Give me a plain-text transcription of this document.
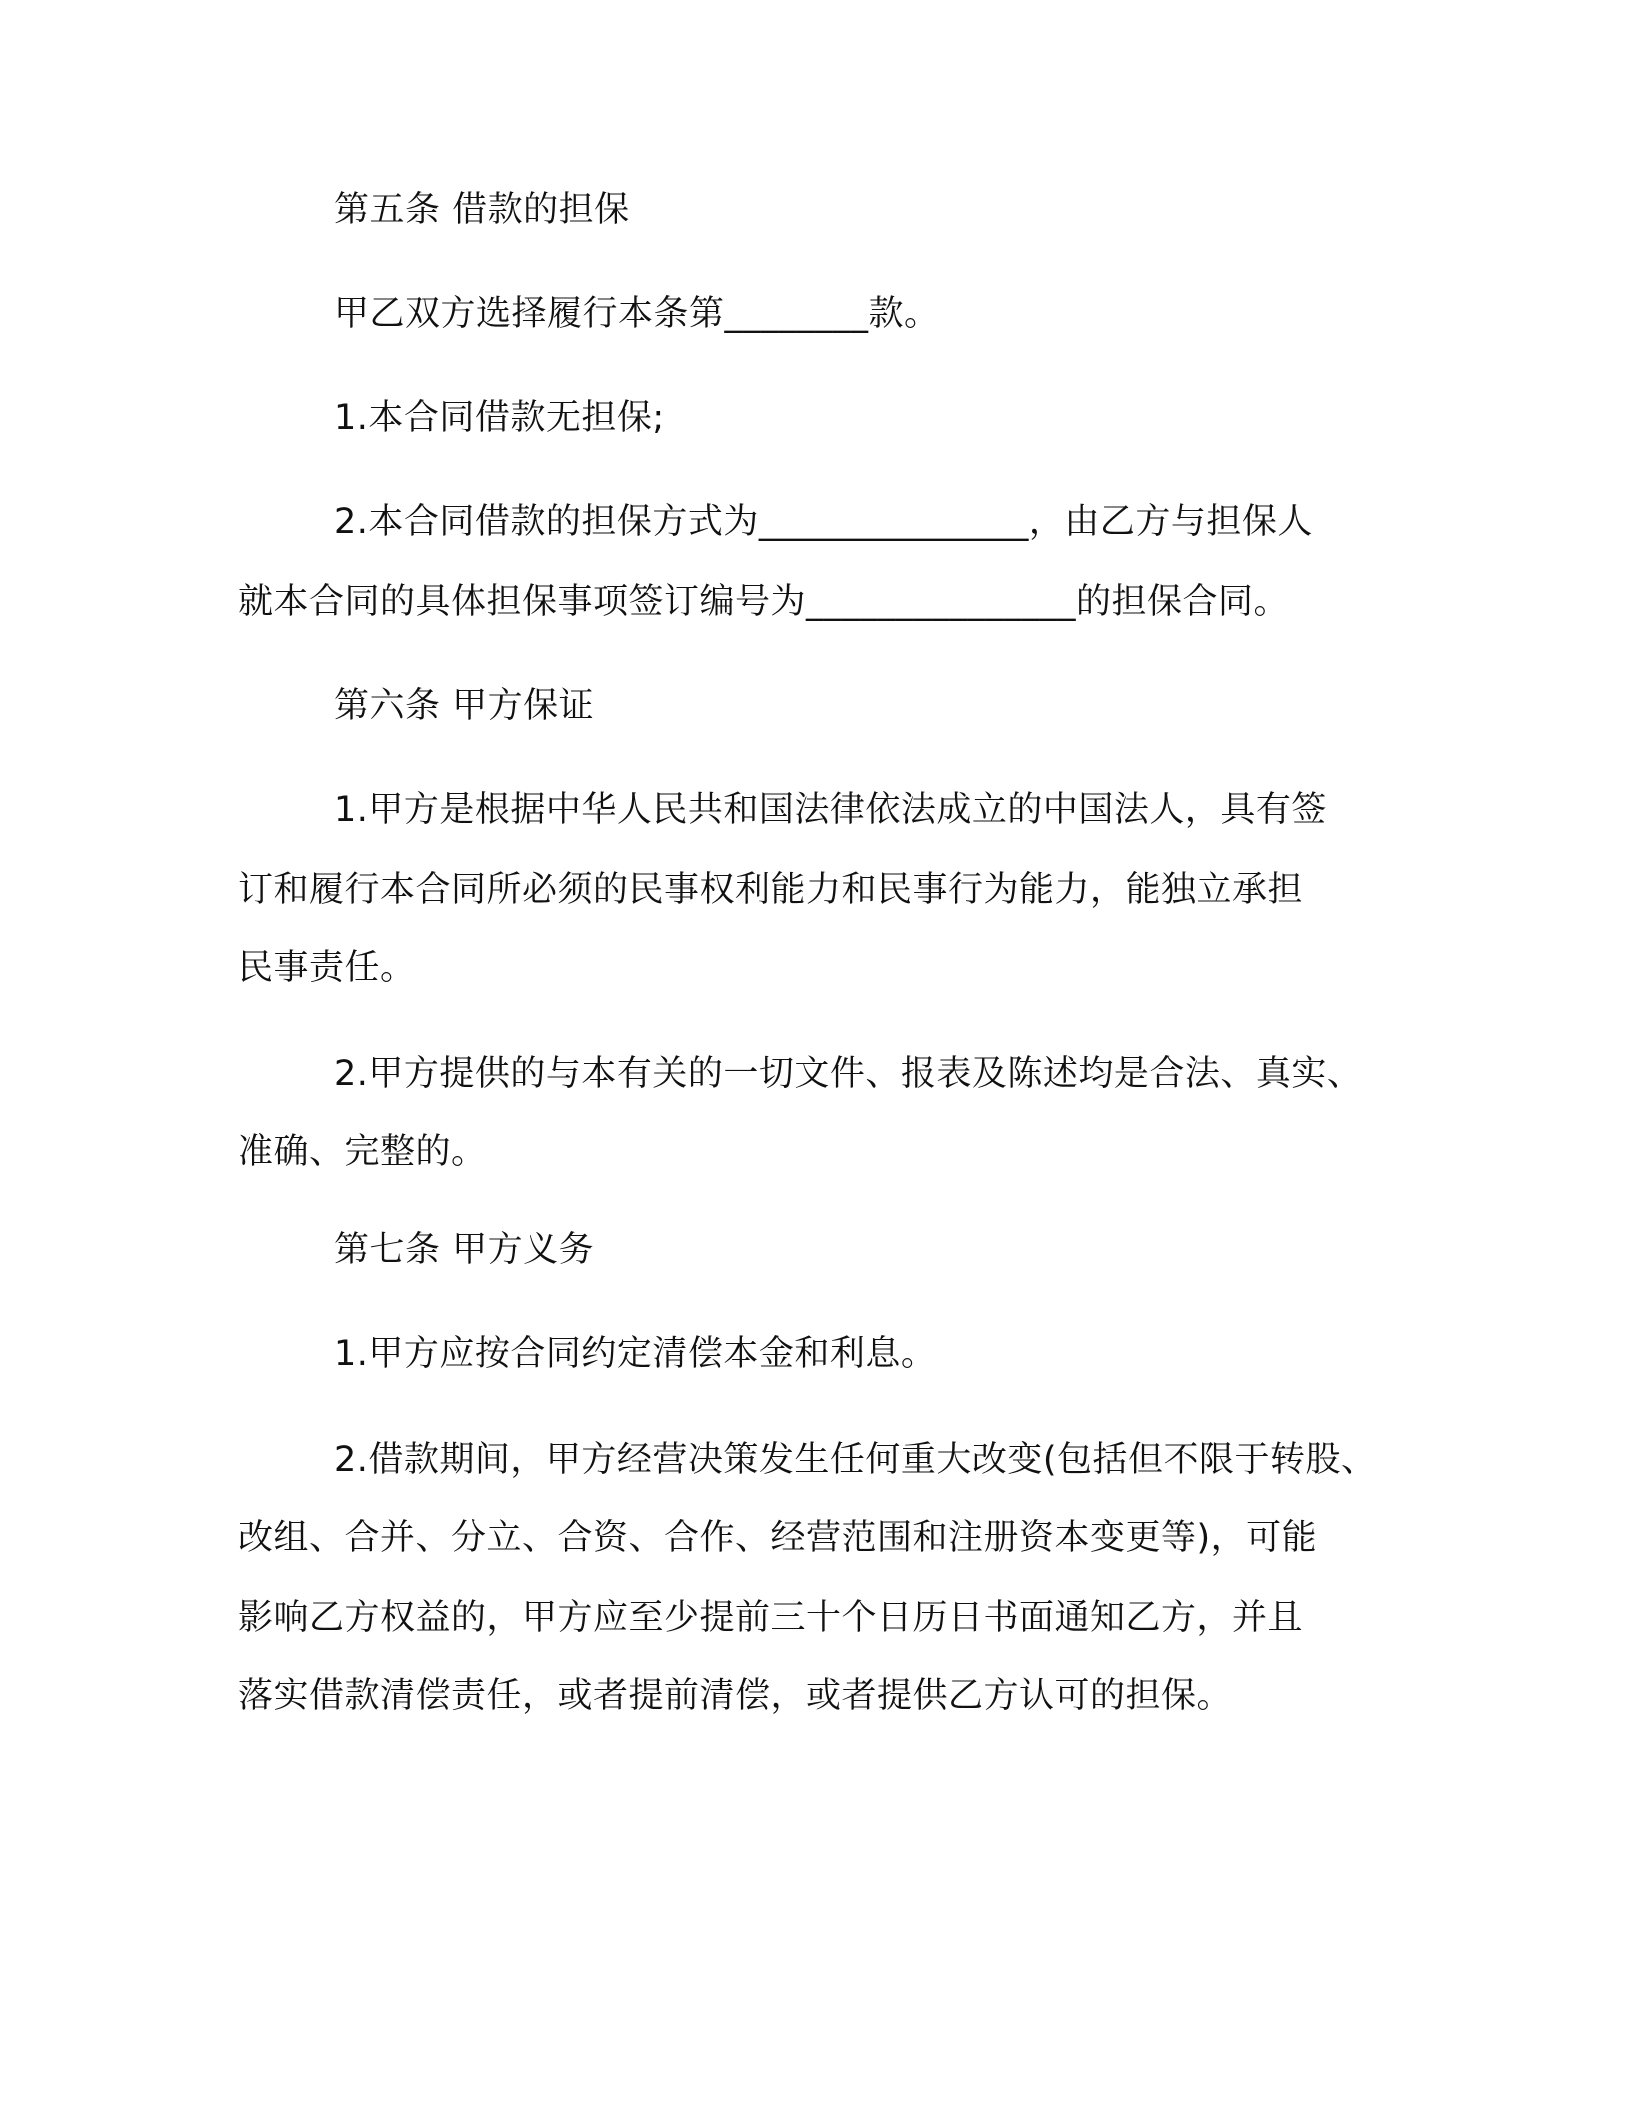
第五条 借款的担保
甲乙双方选择履行本条第________款。
1.本合同借款无担保;
2.本合同借款的担保方式为_______________，由乙方与担保人
就本合同的具体担保事项签订编号为_______________的担保合同。
第六条 甲方保证
1.甲方是根据中华人民共和国法律依法成立的中国法人，具有签
订和履行本合同所必须的民事权利能力和民事行为能力，能独立承担
民事责任。
2.甲方提供的与本有关的一切文件、报表及陈述均是合法、真实、
准确、完整的。
第七条 甲方义务
1.甲方应按合同约定清偿本金和利息。
2.借款期间，甲方经营决策发生任何重大改变(包括但不限于转股、
改组、合并、分立、合资、合作、经营范围和注册资本变更等)，可能
影响乙方权益的，甲方应至少提前三十个日历日书面通知乙方，并且
落实借款清偿责任，或者提前清偿，或者提供乙方认可的担保。
